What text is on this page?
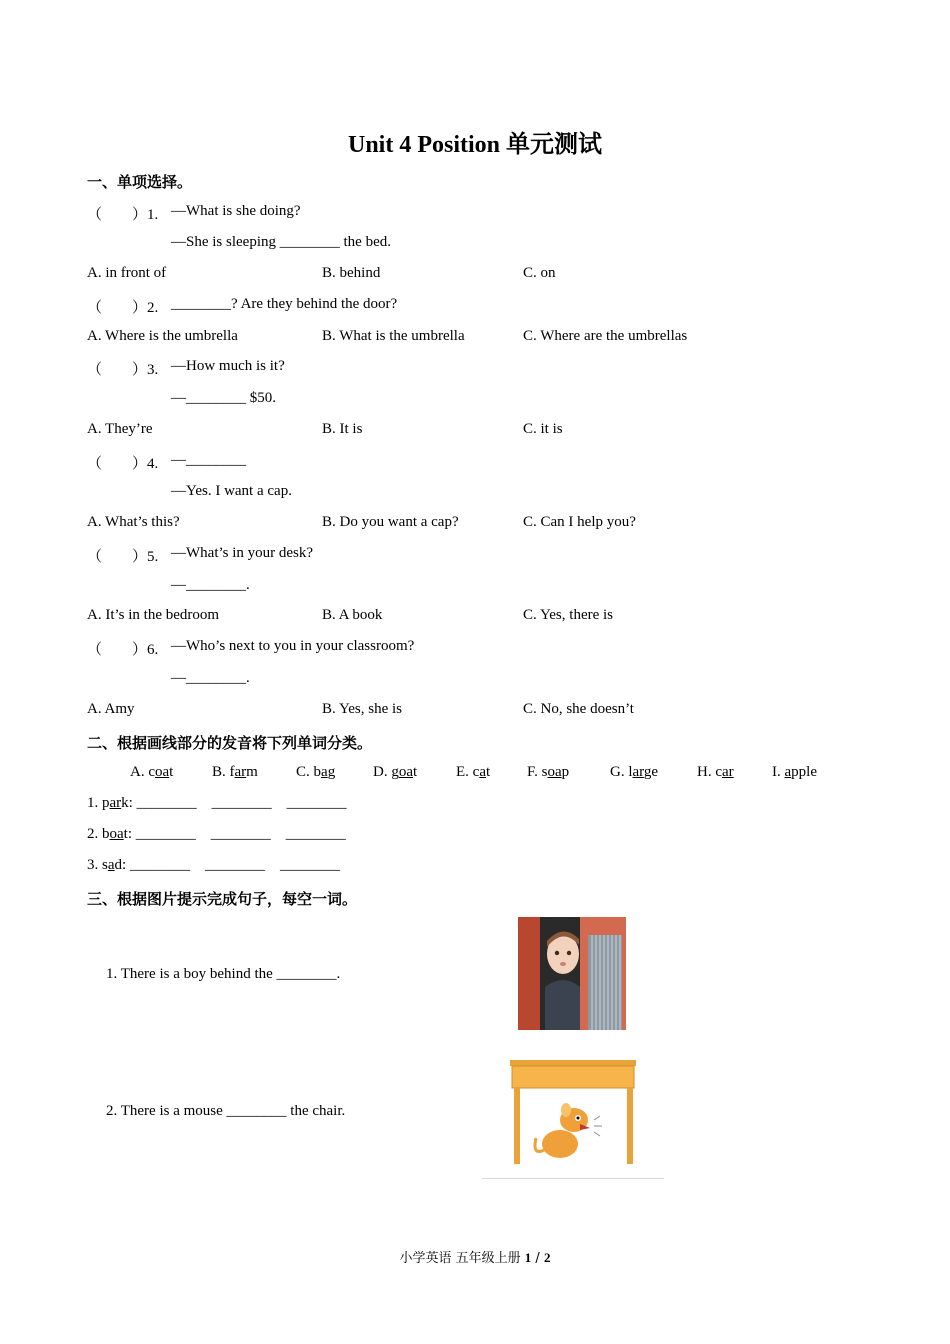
Unit 4 Position 单元测试
一、单项选择。
（　　）1. —What is she doing?
—She is sleeping ________ the bed.
A. in front of	B. behind	C. on
（　　）2. ________? Are they behind the door?
A. Where is the umbrella	B. What is the umbrella	C. Where are the umbrellas
（　　）3. —How much is it?
—________ $50.
A. They’re	B. It is	C. it is
（　　）4. —________
—Yes. I want a cap.
A. What’s this?	B. Do you want a cap?	C. Can I help you?
（　　）5. —What’s in your desk?
—________.
A. It’s in the bedroom	B. A book	C. Yes, there is
（　　）6. —Who’s next to you in your classroom?
—________.
A. Amy	B. Yes, she is	C. No, she doesn’t
二、根据画线部分的发音将下列单词分类。
A. coat	B. farm	C. bag	D. goat	E. cat F. soap	G. large	H. car	I. apple
1. park: ________    ________    ________
2. boat: ________    ________    ________
3. sad: ________    ________    ________
三、根据图片提示完成句子，每空一词。
1. There is a boy behind the ________.
2. There is a mouse ________ the chair.
小学英语 五年级上册 1 / 2
